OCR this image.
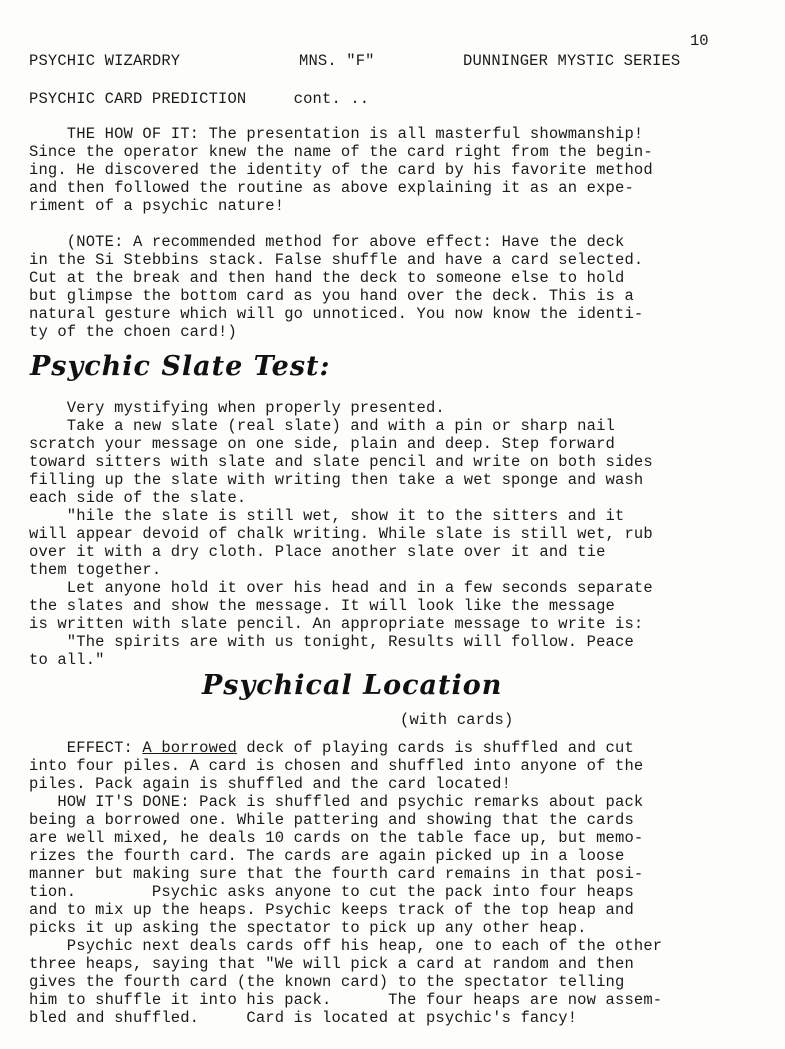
10
PSYCHIC WIZARDRY	MNS. "F"	DUNNINGER MYSTIC SERIES
PSYCHIC CARD PREDICTION     cont. ..
THE HOW OF IT: The presentation is all masterful showmanship!
Since the operator knew the name of the card right from the begin-
ing. He discovered the identity of the card by his favorite method
and then followed the routine as above explaining it as an expe-
riment of a psychic nature!
(NOTE: A recommended method for above effect: Have the deck
in the Si Stebbins stack. False shuffle and have a card selected.
Cut at the break and then hand the deck to someone else to hold
but glimpse the bottom card as you hand over the deck. This is a
natural gesture which will go unnoticed. You now know the identi-
ty of the choen card!)
Psychic Slate Test:
Very mystifying when properly presented.
Take a new slate (real slate) and with a pin or sharp nail
scratch your message on one side, plain and deep. Step forward
toward sitters with slate and slate pencil and write on both sides
filling up the slate with writing then take a wet sponge and wash
each side of the slate.
"hile the slate is still wet, show it to the sitters and it
will appear devoid of chalk writing. While slate is still wet, rub
over it with a dry cloth. Place another slate over it and tie
them together.
Let anyone hold it over his head and in a few seconds separate
the slates and show the message. It will look like the message
is written with slate pencil. An appropriate message to write is:
"The spirits are with us tonight, Results will follow. Peace
to all."
Psychical Location
(with cards)
EFFECT: A borrowed deck of playing cards is shuffled and cut
into four piles. A card is chosen and shuffled into anyone of the
piles. Pack again is shuffled and the card located!
HOW IT'S DONE: Pack is shuffled and psychic remarks about pack
being a borrowed one. While pattering and showing that the cards
are well mixed, he deals 10 cards on the table face up, but memo-
rizes the fourth card. The cards are again picked up in a loose
manner but making sure that the fourth card remains in that posi-
tion.        Psychic asks anyone to cut the pack into four heaps
and to mix up the heaps. Psychic keeps track of the top heap and
picks it up asking the spectator to pick up any other heap.
Psychic next deals cards off his heap, one to each of the other
three heaps, saying that "We will pick a card at random and then
gives the fourth card (the known card) to the spectator telling
him to shuffle it into his pack.      The four heaps are now assem-
bled and shuffled.     Card is located at psychic's fancy!
